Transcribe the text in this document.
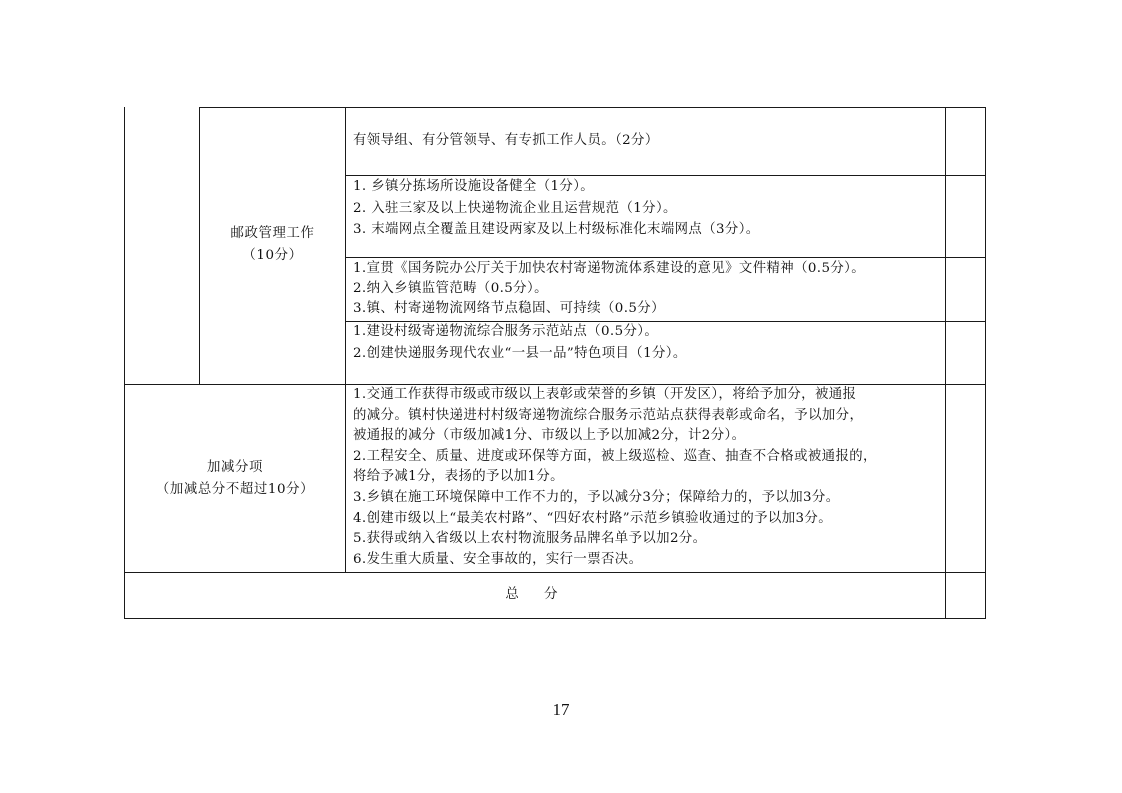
邮政管理工作
（10分）
有领导组、有分管领导、有专抓工作人员。（2分）
1. 乡镇分拣场所设施设备健全（1分）。
2. 入驻三家及以上快递物流企业且运营规范（1分）。
3. 末端网点全覆盖且建设两家及以上村级标准化末端网点（3分）。
1.宣贯《国务院办公厅关于加快农村寄递物流体系建设的意见》文件精神（0.5分）。
2.纳入乡镇监管范畴（0.5分）。
3.镇、村寄递物流网络节点稳固、可持续（0.5分）
1.建设村级寄递物流综合服务示范站点（0.5分）。
2.创建快递服务现代农业“一县一品”特色项目（1分）。
加减分项
（加减总分不超过10分）
1.交通工作获得市级或市级以上表彰或荣誉的乡镇（开发区），将给予加分，被通报
的减分。镇村快递进村村级寄递物流综合服务示范站点获得表彰或命名，予以加分，
被通报的减分（市级加减1分、市级以上予以加减2分，计2分）。
2.工程安全、质量、进度或环保等方面，被上级巡检、巡查、抽查不合格或被通报的，
将给予减1分，表扬的予以加1分。
3.乡镇在施工环境保障中工作不力的，予以减分3分；保障给力的，予以加3分。
4.创建市级以上“最美农村路”、“四好农村路”示范乡镇验收通过的予以加3分。
5.获得或纳入省级以上农村物流服务品牌名单予以加2分。
6.发生重大质量、安全事故的，实行一票否决。
总　分
17
